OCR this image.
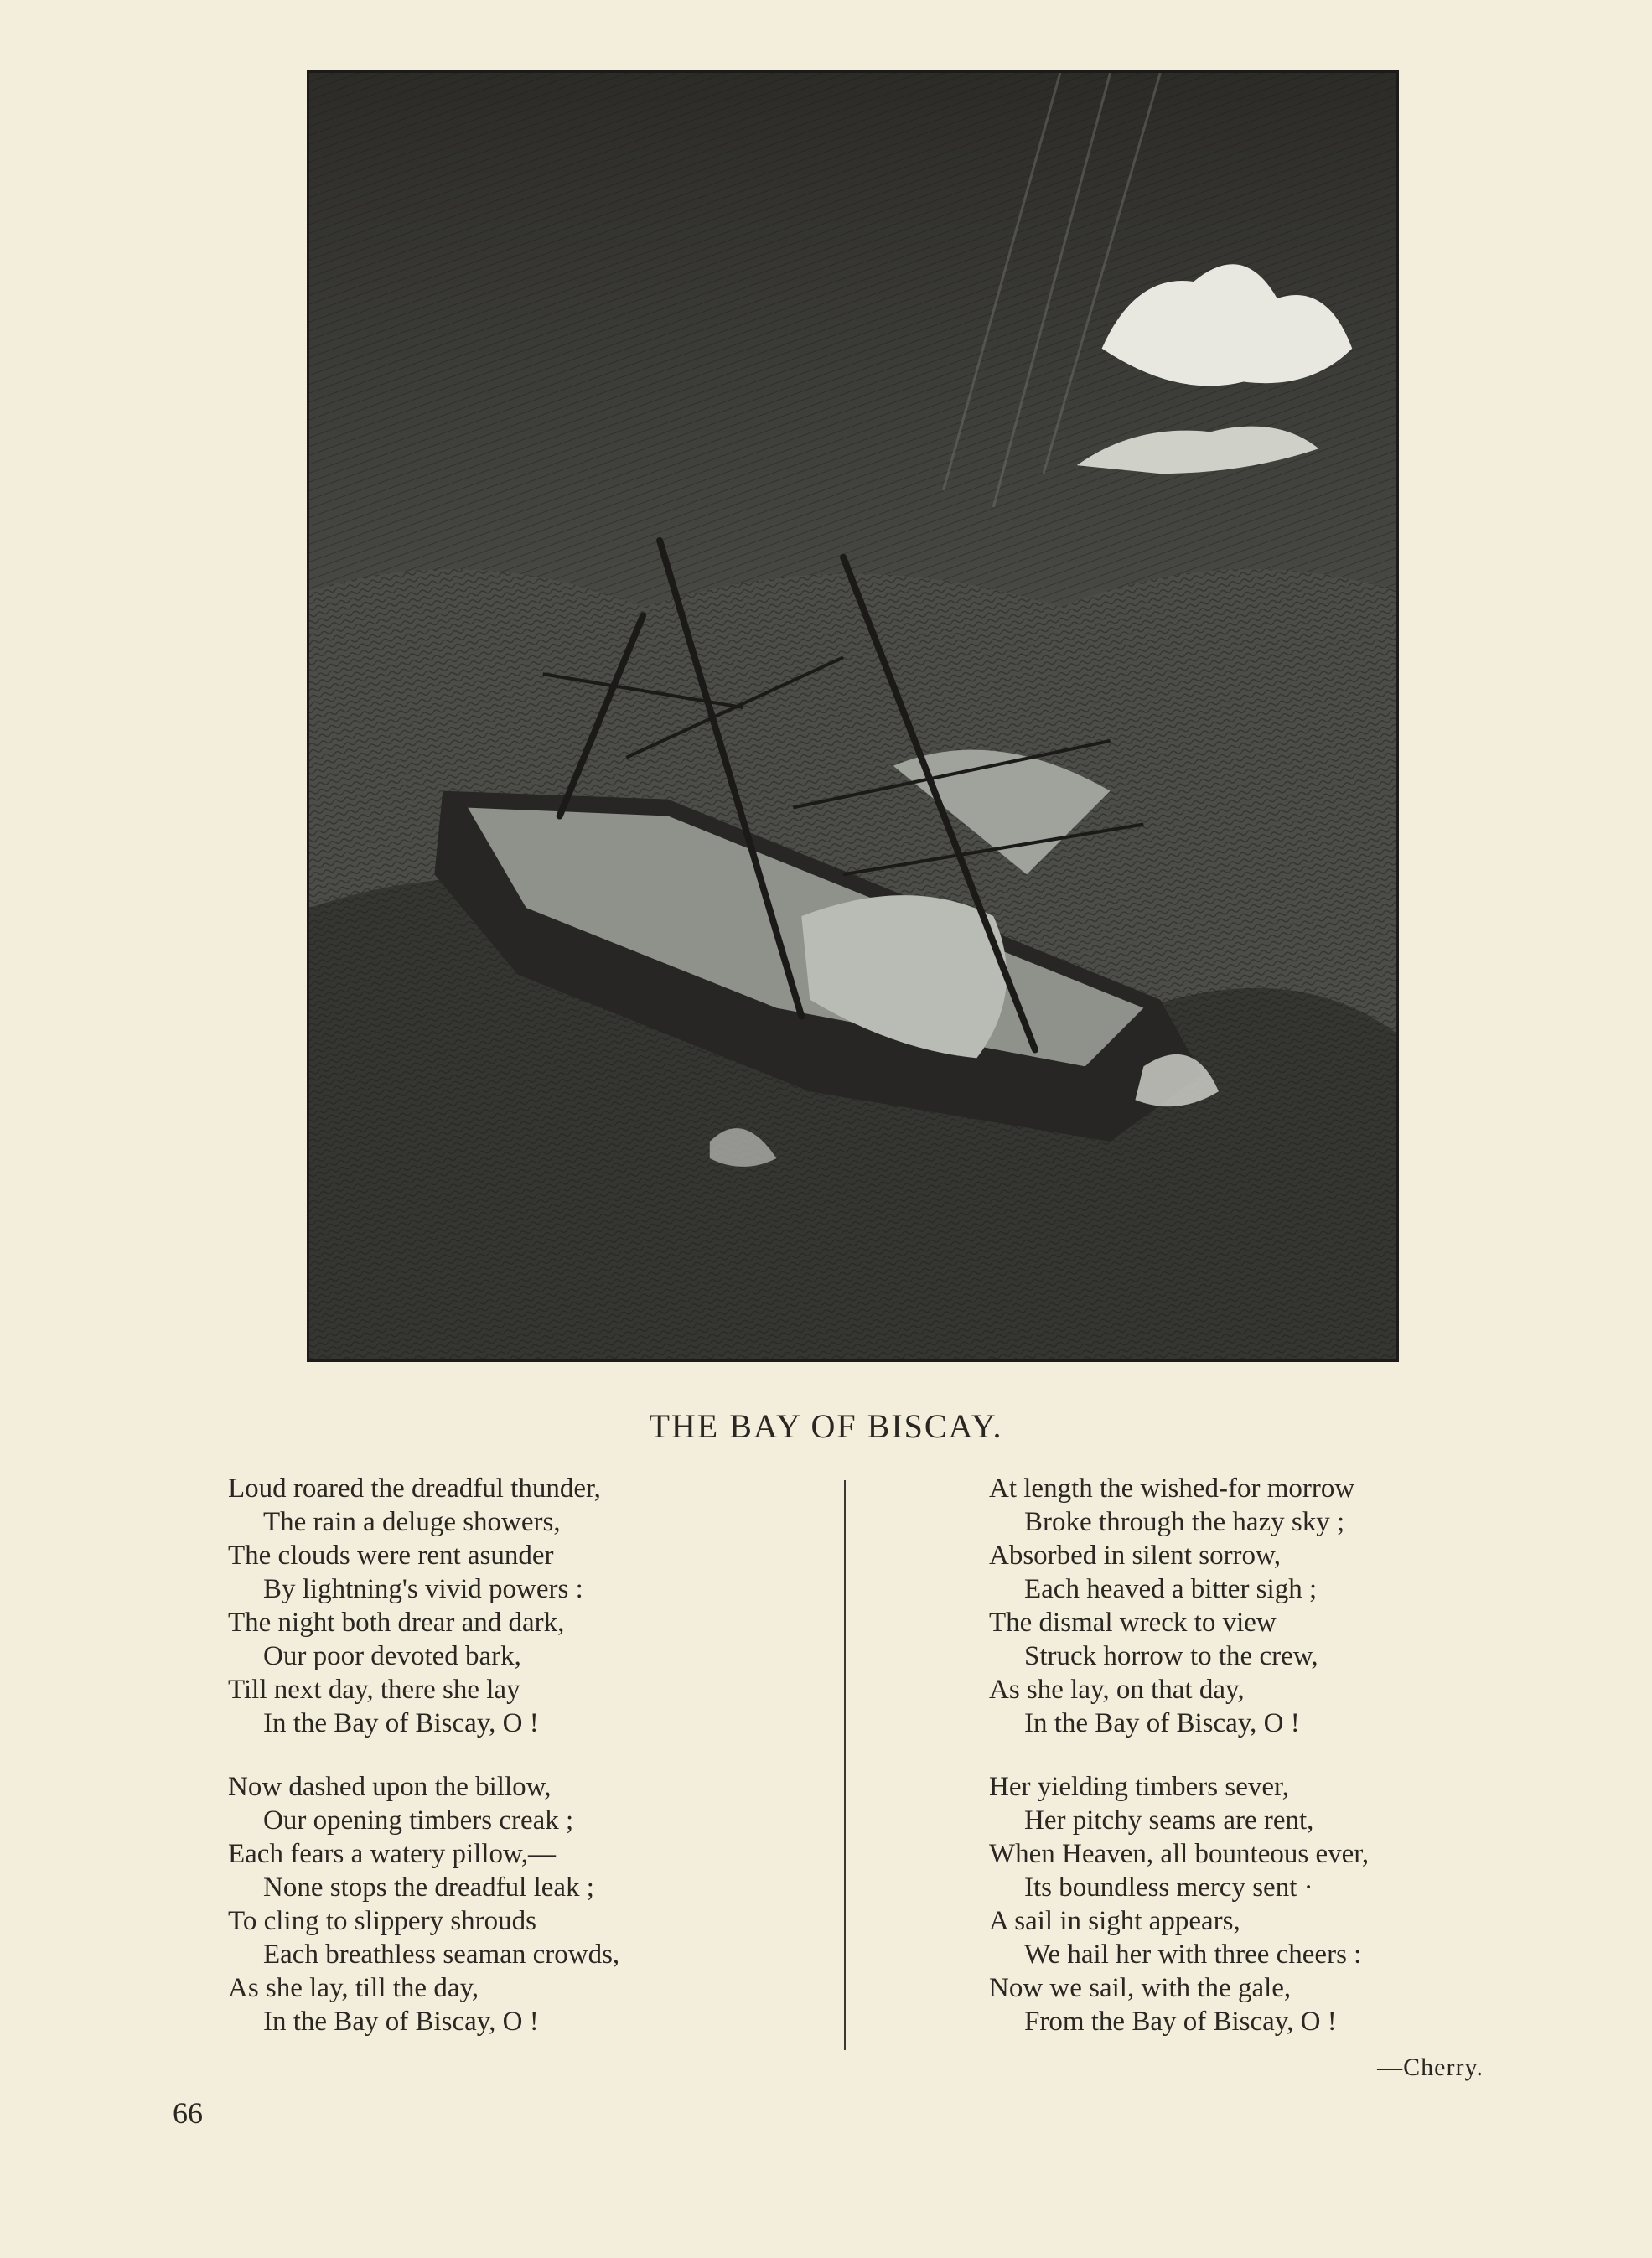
THE BAY OF BISCAY.
Loud roared the dreadful thunder,
The rain a deluge showers,
The clouds were rent asunder
By lightning's vivid powers :
The night both drear and dark,
Our poor devoted bark,
Till next day, there she lay
In the Bay of Biscay, O !
Now dashed upon the billow,
Our opening timbers creak ;
Each fears a watery pillow,—
None stops the dreadful leak ;
To cling to slippery shrouds
Each breathless seaman crowds,
As she lay, till the day,
In the Bay of Biscay, O !
At length the wished-for morrow
Broke through the hazy sky ;
Absorbed in silent sorrow,
Each heaved a bitter sigh ;
The dismal wreck to view
Struck horrow to the crew,
As she lay, on that day,
In the Bay of Biscay, O !
Her yielding timbers sever,
Her pitchy seams are rent,
When Heaven, all bounteous ever,
Its boundless mercy sent ·
A sail in sight appears,
We hail her with three cheers :
Now we sail, with the gale,
From the Bay of Biscay, O !
—Cherry.
66
